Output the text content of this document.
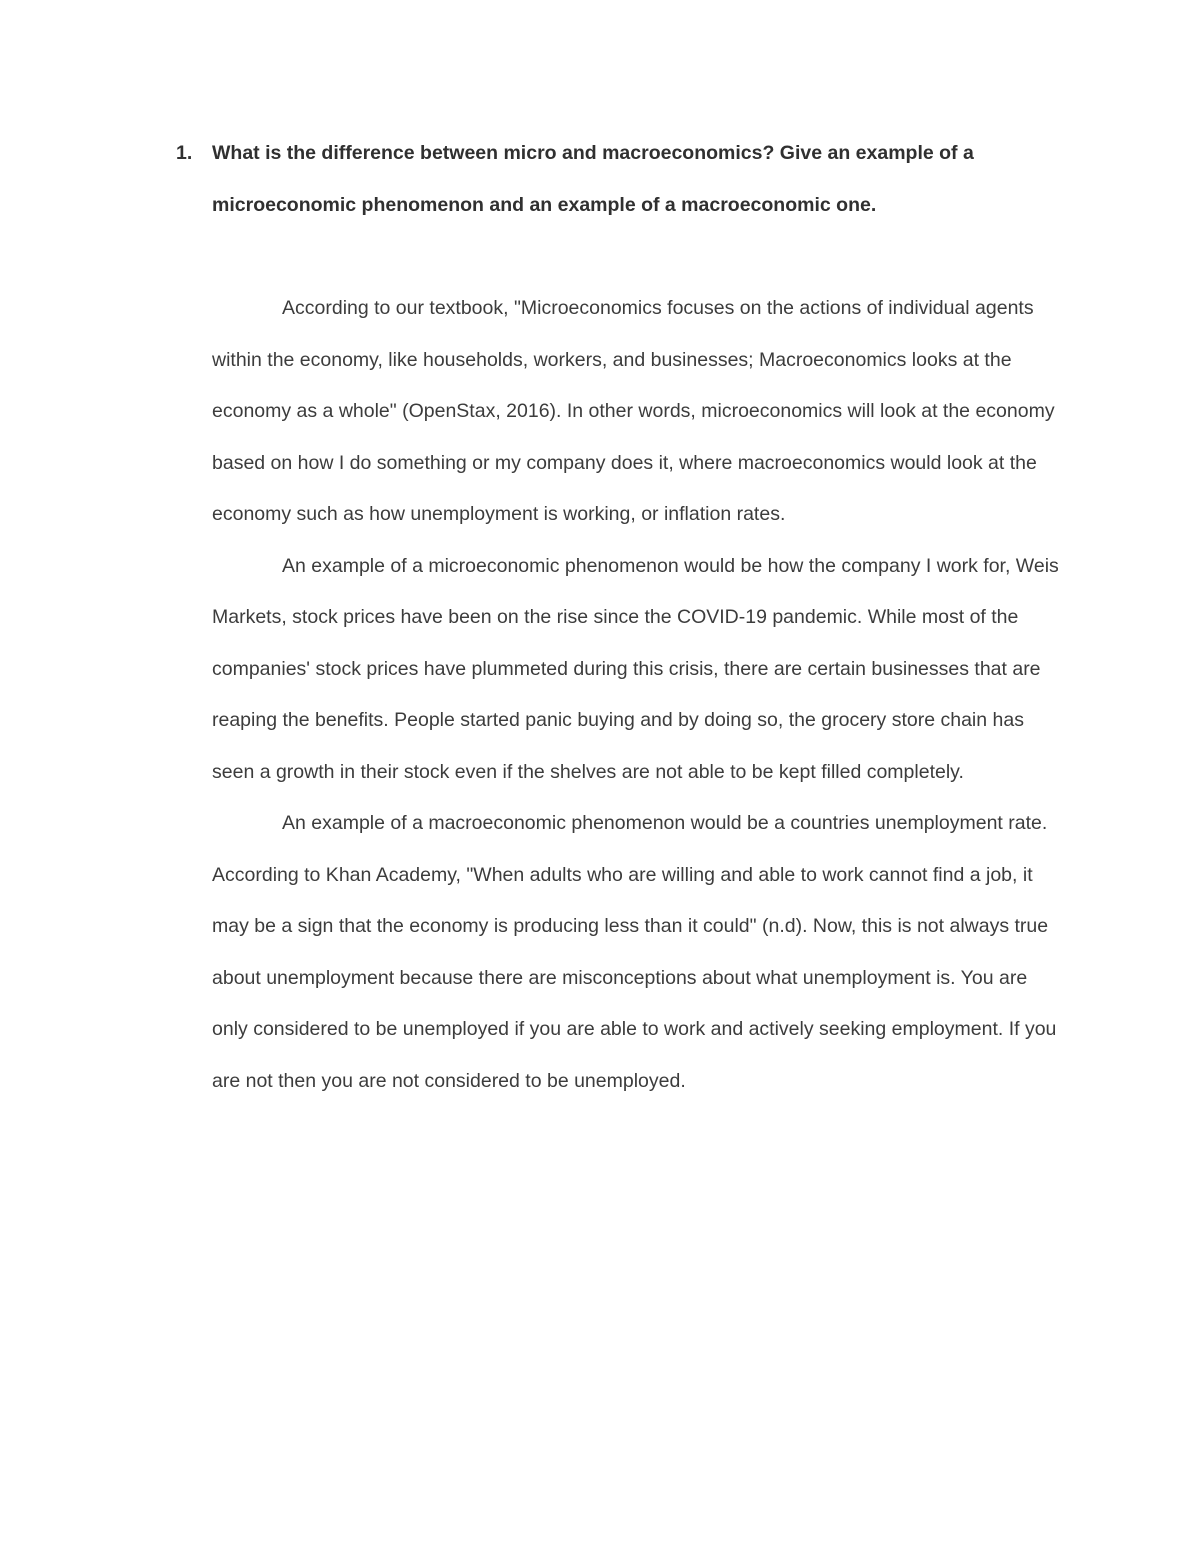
1.	What is the difference between micro and macroeconomics? Give an example of a microeconomic phenomenon and an example of a macroeconomic one.

According to our textbook, "Microeconomics focuses on the actions of individual agents within the economy, like households, workers, and businesses; Macroeconomics looks at the economy as a whole" (OpenStax, 2016). In other words, microeconomics will look at the economy based on how I do something or my company does it, where macroeconomics would look at the economy such as how unemployment is working, or inflation rates.

An example of a microeconomic phenomenon would be how the company I work for, Weis Markets, stock prices have been on the rise since the COVID-19 pandemic. While most of the companies' stock prices have plummeted during this crisis, there are certain businesses that are reaping the benefits. People started panic buying and by doing so, the grocery store chain has seen a growth in their stock even if the shelves are not able to be kept filled completely.

An example of a macroeconomic phenomenon would be a countries unemployment rate. According to Khan Academy, "When adults who are willing and able to work cannot find a job, it may be a sign that the economy is producing less than it could" (n.d). Now, this is not always true about unemployment because there are misconceptions about what unemployment is. You are only considered to be unemployed if you are able to work and actively seeking employment. If you are not then you are not considered to be unemployed.
